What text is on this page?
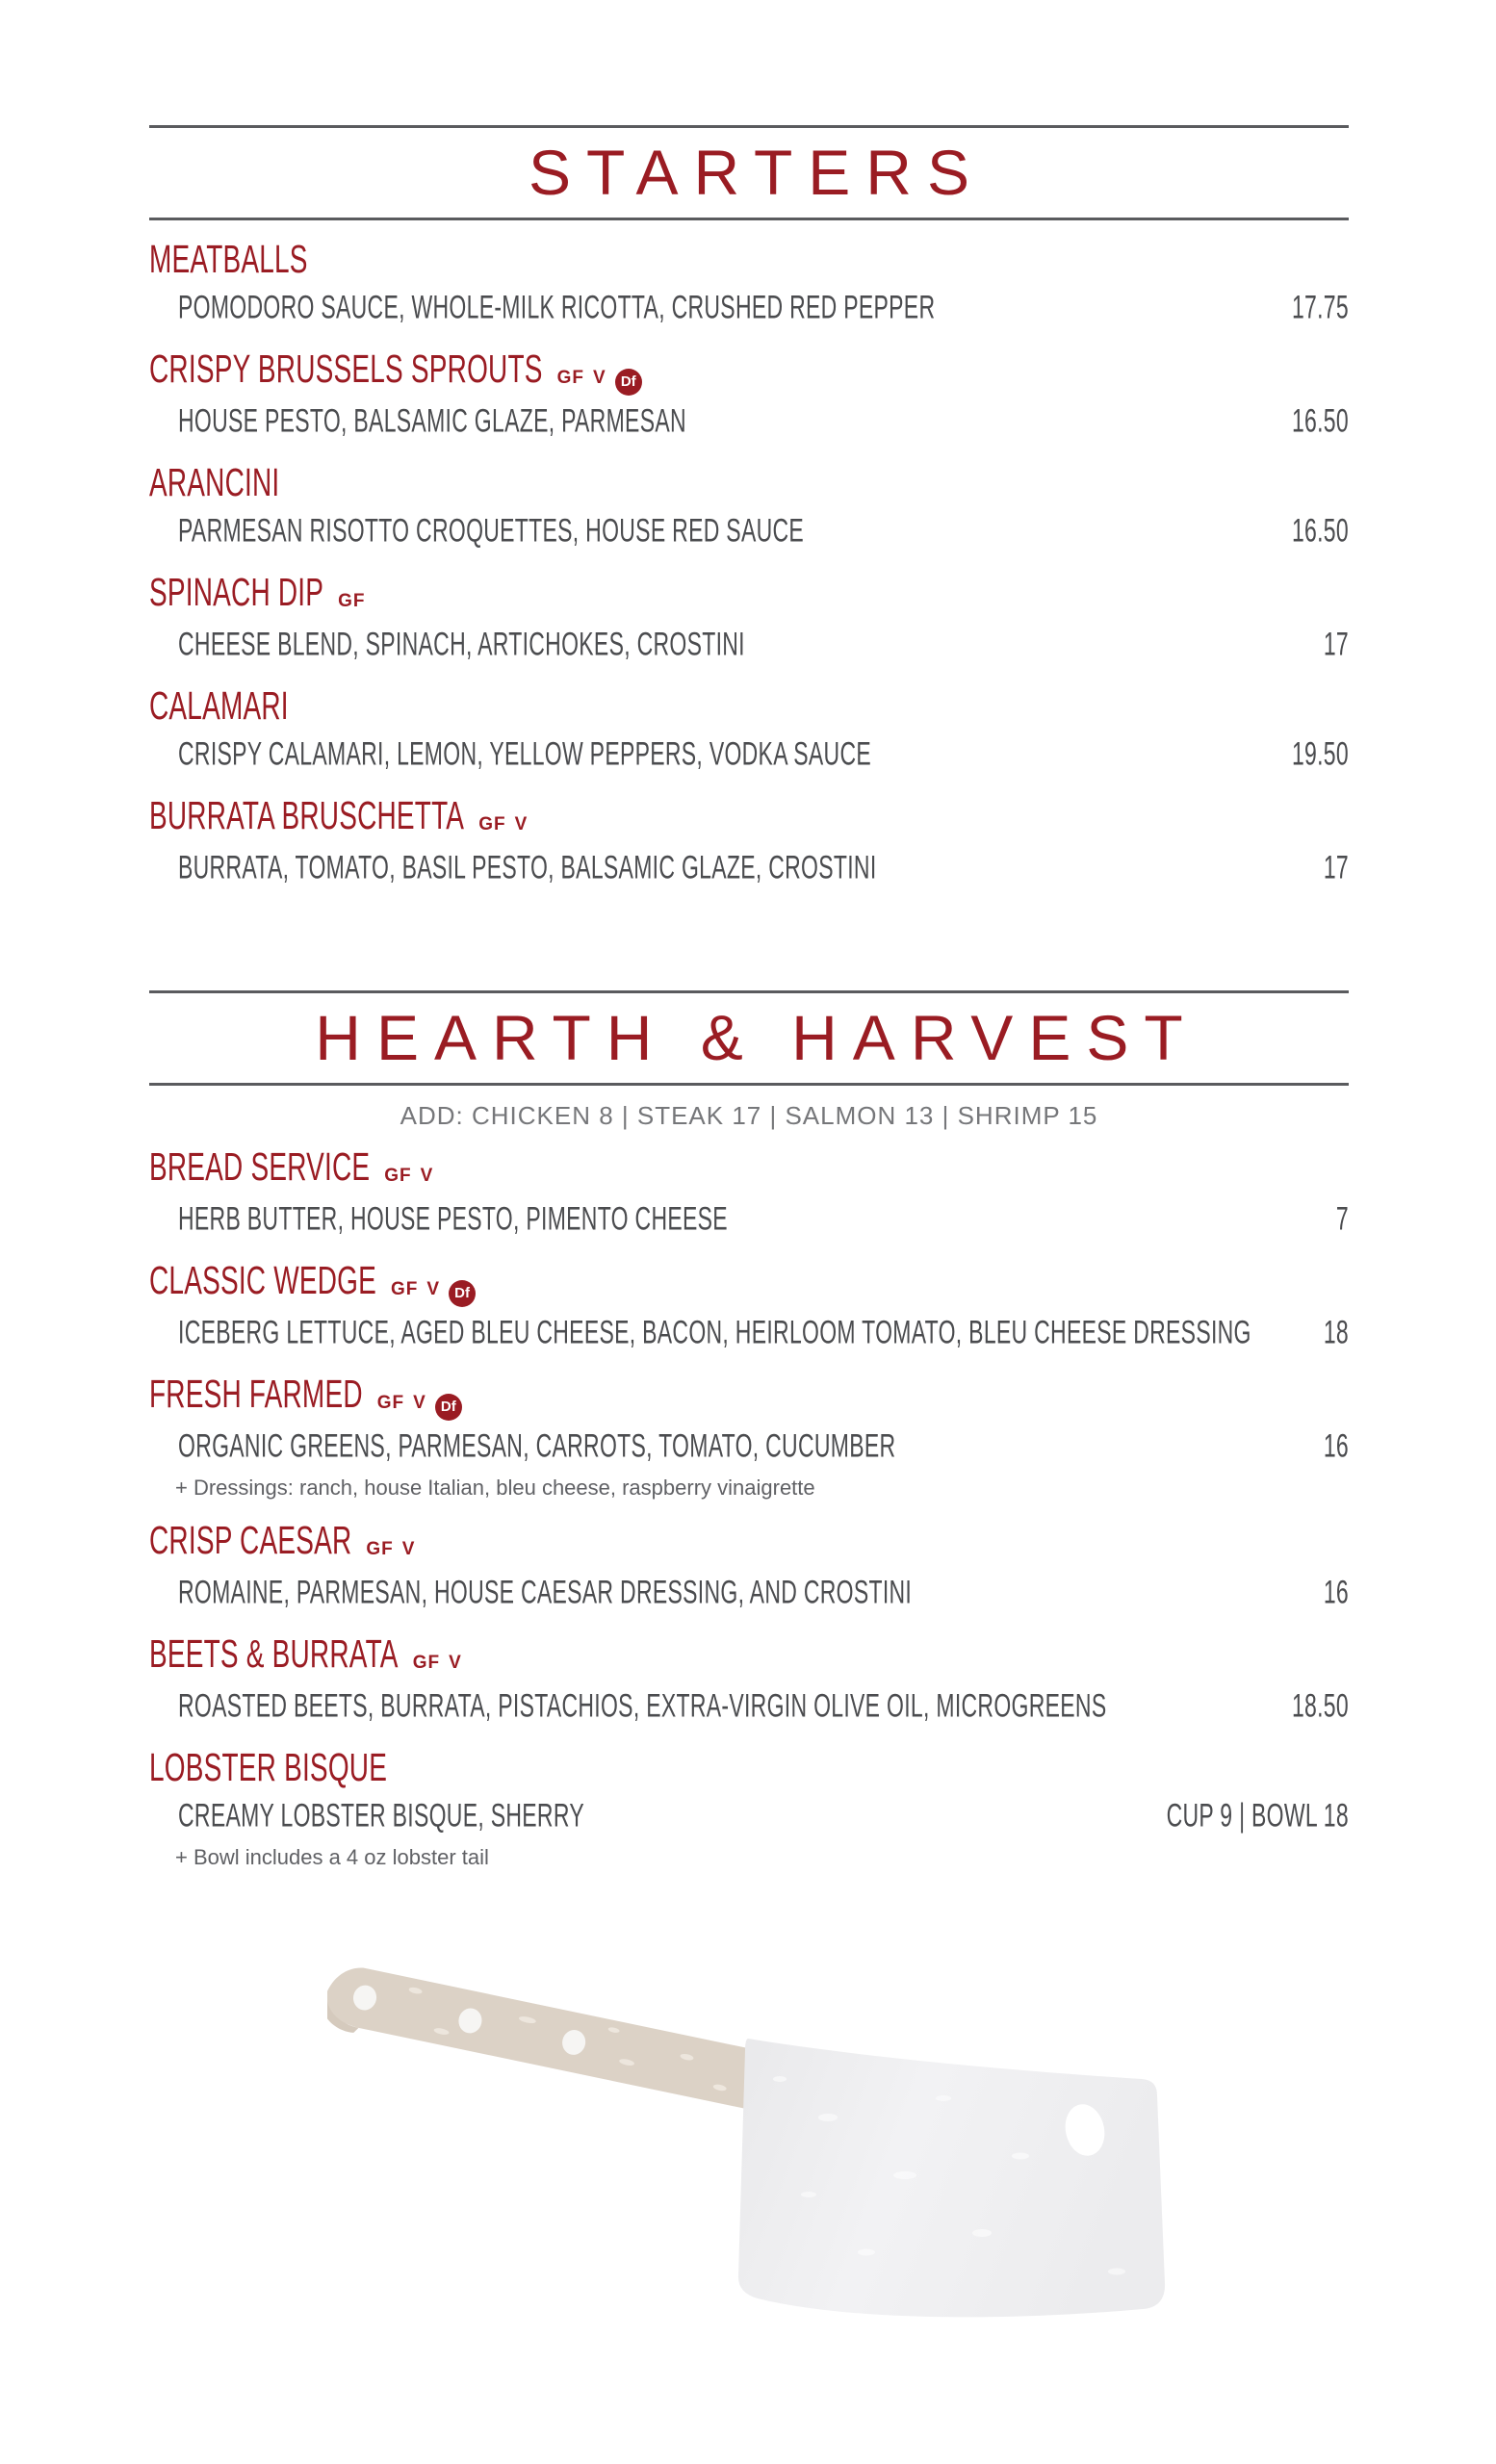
STARTERS
MEATBALLS
POMODORO SAUCE, WHOLE-MILK RICOTTA, CRUSHED RED PEPPER	17.75
CRISPY BRUSSELS SPROUTS GF V	Df
HOUSE PESTO, BALSAMIC GLAZE, PARMESAN	16.50
ARANCINI
PARMESAN RISOTTO CROQUETTES, HOUSE RED SAUCE	16.50
SPINACH DIP GF
CHEESE BLEND, SPINACH, ARTICHOKES, CROSTINI	17
CALAMARI
CRISPY CALAMARI, LEMON, YELLOW PEPPERS, VODKA SAUCE	19.50
BURRATA BRUSCHETTA GF V
BURRATA, TOMATO, BASIL PESTO, BALSAMIC GLAZE, CROSTINI	17
HEARTH & HARVEST
ADD: CHICKEN 8 | STEAK 17 | SALMON 13 | SHRIMP 15
BREAD SERVICE GF V
HERB BUTTER, HOUSE PESTO, PIMENTO CHEESE	7
CLASSIC WEDGE GF V	Df
ICEBERG LETTUCE, AGED BLEU CHEESE, BACON, HEIRLOOM TOMATO, BLEU CHEESE DRESSING	18
FRESH FARMED GF V	Df
ORGANIC GREENS, PARMESAN, CARROTS, TOMATO, CUCUMBER	16
+ Dressings: ranch, house Italian, bleu cheese, raspberry vinaigrette
CRISP CAESAR GF V
ROMAINE, PARMESAN, HOUSE CAESAR DRESSING, AND CROSTINI	16
BEETS & BURRATA GF V
ROASTED BEETS, BURRATA, PISTACHIOS, EXTRA-VIRGIN OLIVE OIL, MICROGREENS	18.50
LOBSTER BISQUE
CREAMY LOBSTER BISQUE, SHERRY	CUP 9 | BOWL 18
+ Bowl includes a 4 oz lobster tail
